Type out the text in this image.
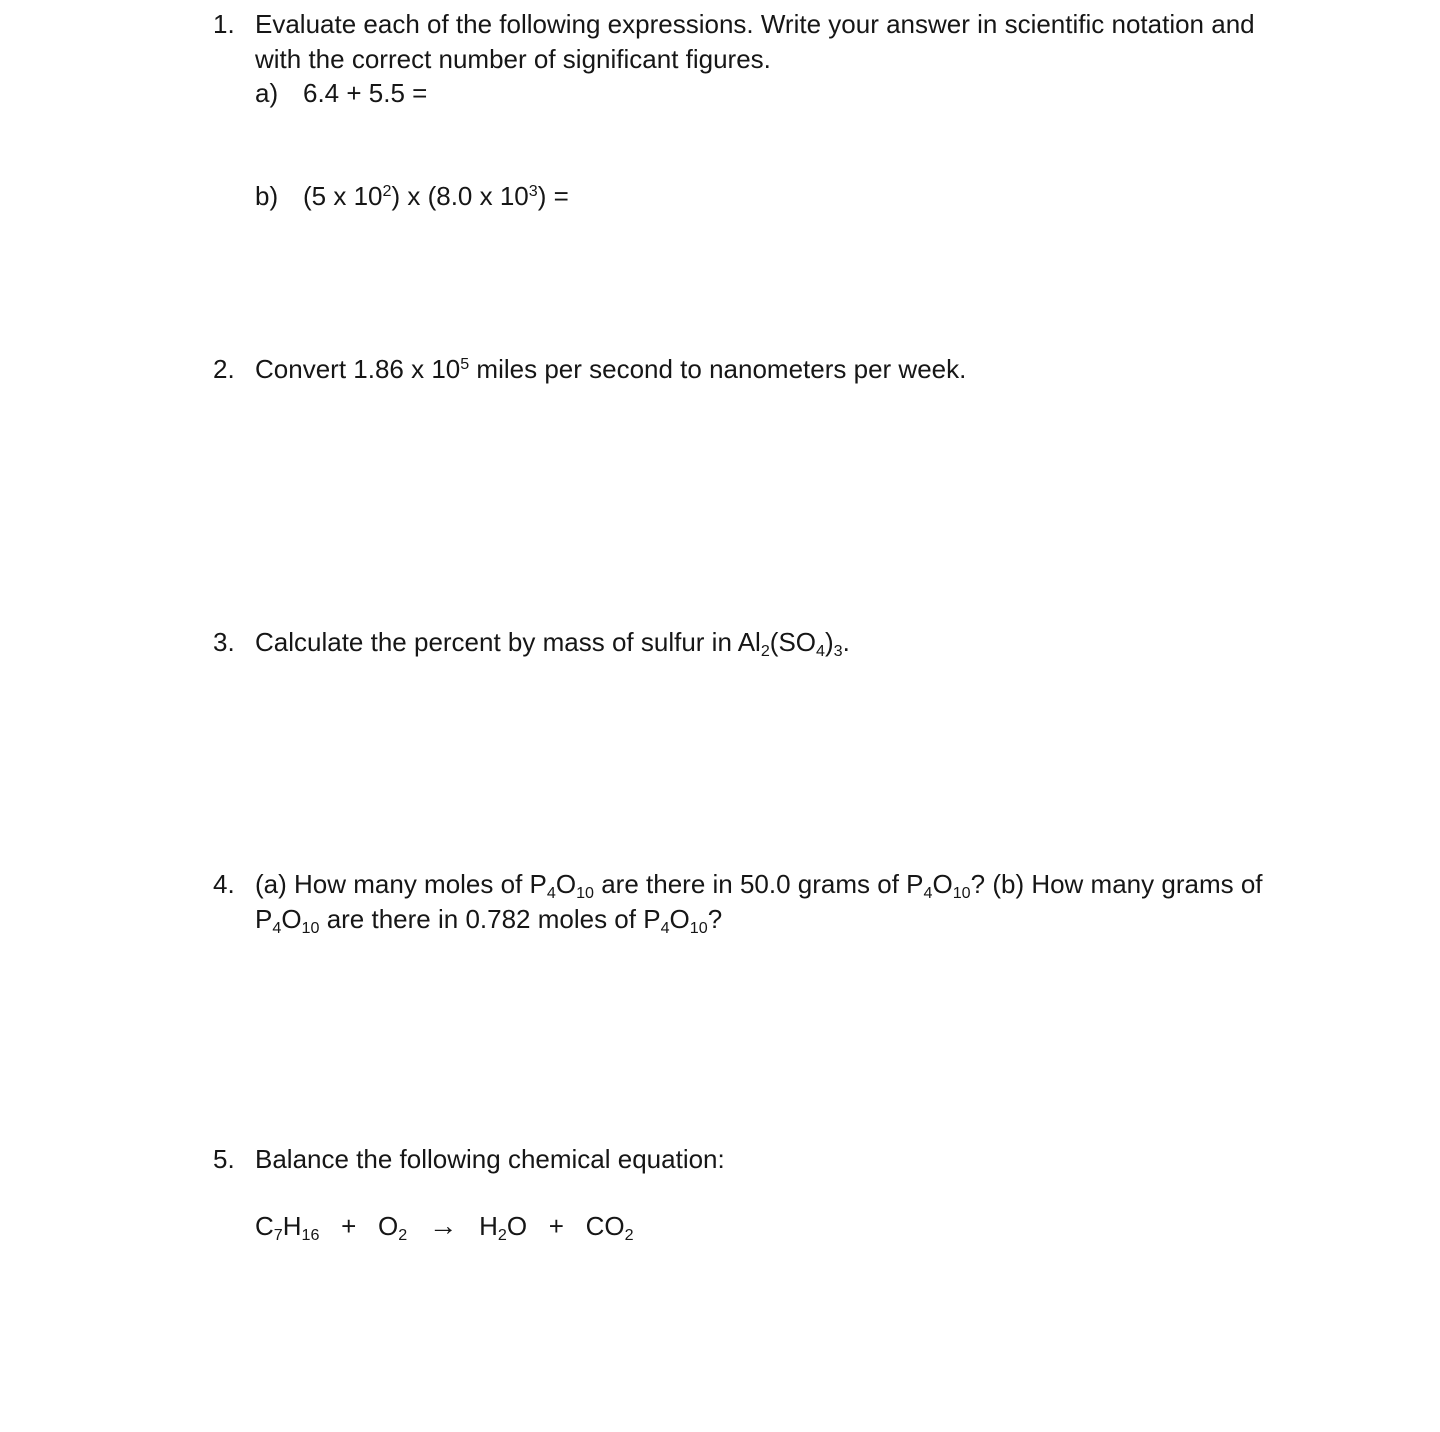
1. Evaluate each of the following expressions. Write your answer in scientific notation and
with the correct number of significant figures.
a) 6.4 + 5.5 =
b) (5 x $10^2$) x (8.0 x $10^3$) =
2. Convert 1.86 x $10^5$ miles per second to nanometers per week.
3. Calculate the percent by mass of sulfur in Al2(SO4)3.
4. (a) How many moles of P4O10 are there in 50.0 grams of P4O10? (b) How many grams of
P4O10 are there in 0.782 moles of P4O10?
5. Balance the following chemical equation:
C7H16   +   O2 →   H2O   +   CO2
